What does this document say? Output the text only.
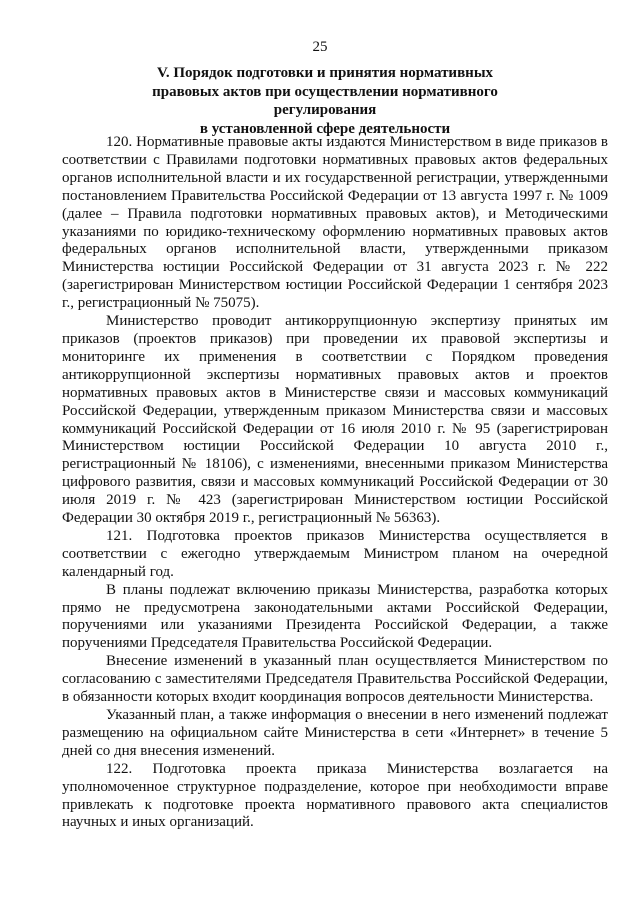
25
V. Порядок подготовки и принятия нормативных
правовых актов при осуществлении нормативного регулирования
в установленной сфере деятельности

120. Нормативные правовые акты издаются Министерством в виде приказов в соответствии с Правилами подготовки нормативных правовых актов федеральных органов исполнительной власти и их государственной регистрации, утвержденными постановлением Правительства Российской Федерации от 13 августа 1997 г. № 1009 (далее – Правила подготовки нормативных правовых актов), и Методическими указаниями по юридико-техническому оформлению нормативных правовых актов федеральных органов исполнительной власти, утвержденными приказом Министерства юстиции Российской Федерации от 31 августа 2023 г. № 222 (зарегистрирован Министерством юстиции Российской Федерации 1 сентября 2023 г., регистрационный № 75075).

Министерство проводит антикоррупционную экспертизу принятых им приказов (проектов приказов) при проведении их правовой экспертизы и мониторинге их применения в соответствии с Порядком проведения антикоррупционной экспертизы нормативных правовых актов и проектов нормативных правовых актов в Министерстве связи и массовых коммуникаций Российской Федерации, утвержденным приказом Министерства связи и массовых коммуникаций Российской Федерации от 16 июля 2010 г. № 95 (зарегистрирован Министерством юстиции Российской Федерации 10 августа 2010 г., регистрационный № 18106), с изменениями, внесенными приказом Министерства цифрового развития, связи и массовых коммуникаций Российской Федерации от 30 июля 2019 г. № 423 (зарегистрирован Министерством юстиции Российской Федерации 30 октября 2019 г., регистрационный № 56363).

121. Подготовка проектов приказов Министерства осуществляется в соответствии с ежегодно утверждаемым Министром планом на очередной календарный год.

В планы подлежат включению приказы Министерства, разработка которых прямо не предусмотрена законодательными актами Российской Федерации, поручениями или указаниями Президента Российской Федерации, а также поручениями Председателя Правительства Российской Федерации.

Внесение изменений в указанный план осуществляется Министерством по согласованию с заместителями Председателя Правительства Российской Федерации, в обязанности которых входит координация вопросов деятельности Министерства.

Указанный план, а также информация о внесении в него изменений подлежат размещению на официальном сайте Министерства в сети «Интернет» в течение 5 дней со дня внесения изменений.

122. Подготовка проекта приказа Министерства возлагается на уполномоченное структурное подразделение, которое при необходимости вправе привлекать к подготовке проекта нормативного правового акта специалистов научных и иных организаций.
